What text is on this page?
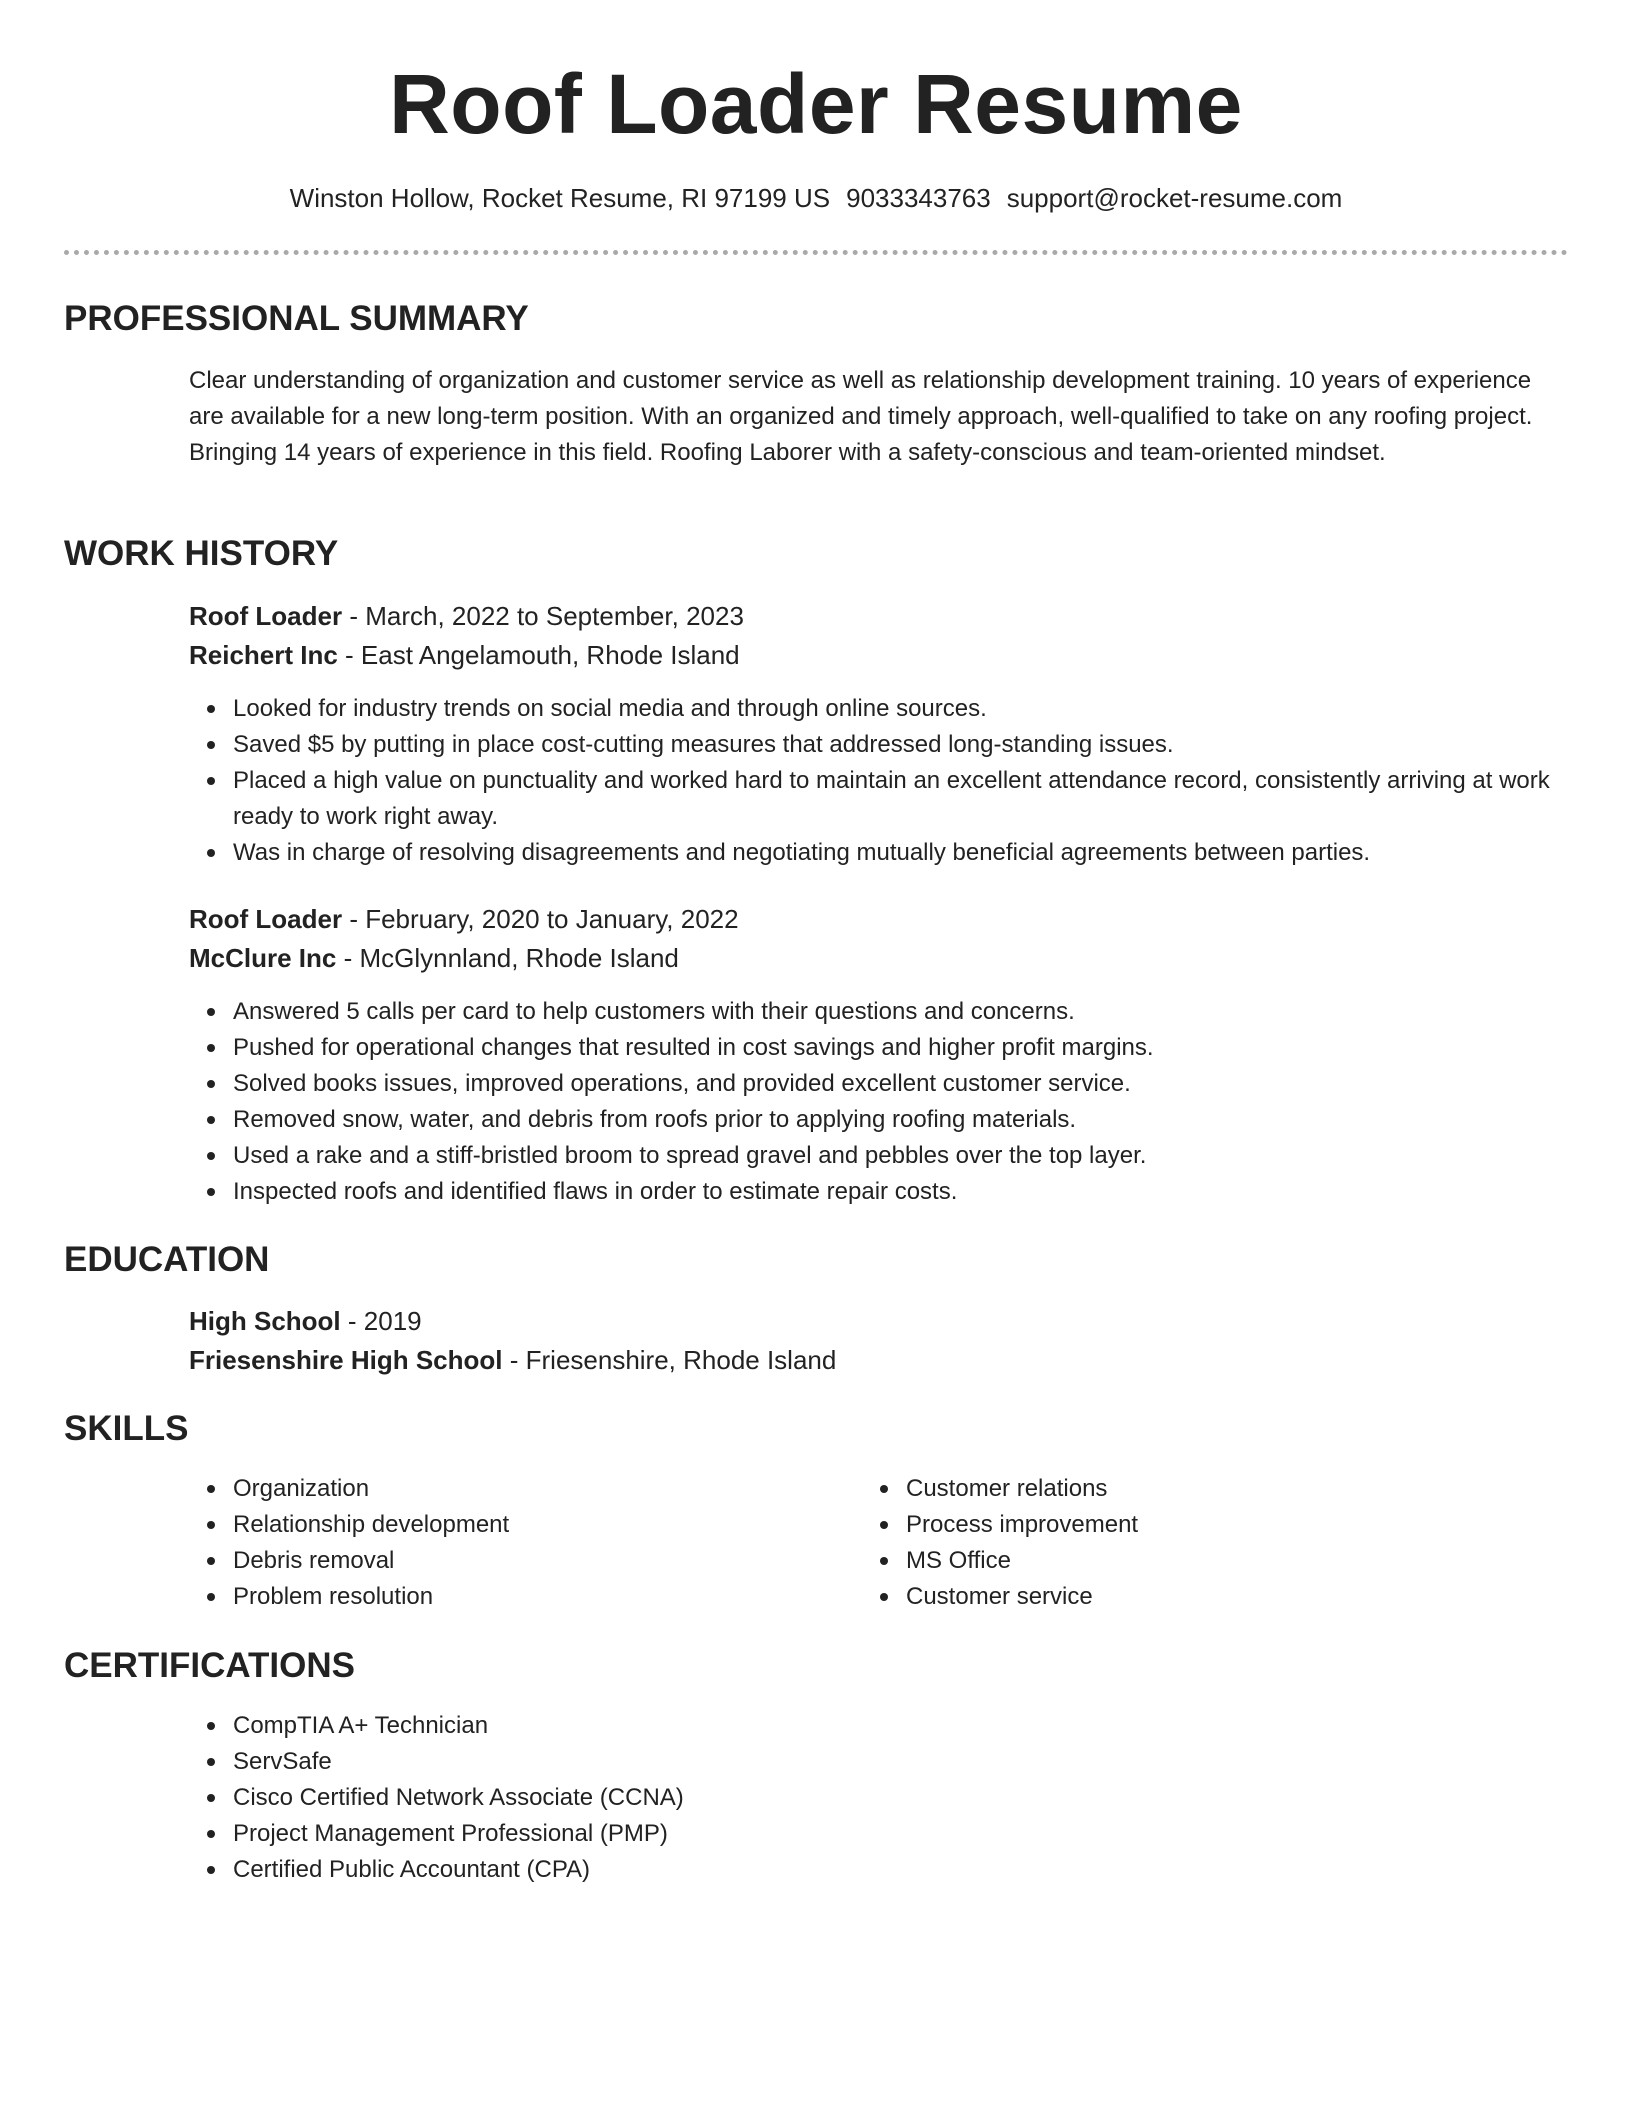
Roof Loader Resume
Winston Hollow, Rocket Resume, RI 97199 US 9033343763 support@rocket-resume.com
PROFESSIONAL SUMMARY

Clear understanding of organization and customer service as well as relationship development training. 10 years of experience are available for a new long-term position. With an organized and timely approach, well-qualified to take on any roofing project. Bringing 14 years of experience in this field. Roofing Laborer with a safety-conscious and team-oriented mindset.

WORK HISTORY
Roof Loader - March, 2022 to September, 2023
Reichert Inc - East Angelamouth, Rhode Island
Looked for industry trends on social media and through online sources.
Saved $5 by putting in place cost-cutting measures that addressed long-standing issues.
Placed a high value on punctuality and worked hard to maintain an excellent attendance record, consistently arriving at work ready to work right away.
Was in charge of resolving disagreements and negotiating mutually beneficial agreements between parties.
Roof Loader - February, 2020 to January, 2022
McClure Inc - McGlynnland, Rhode Island
Answered 5 calls per card to help customers with their questions and concerns.
Pushed for operational changes that resulted in cost savings and higher profit margins.
Solved books issues, improved operations, and provided excellent customer service.
Removed snow, water, and debris from roofs prior to applying roofing materials.
Used a rake and a stiff-bristled broom to spread gravel and pebbles over the top layer.
Inspected roofs and identified flaws in order to estimate repair costs.
EDUCATION
High School - 2019
Friesenshire High School - Friesenshire, Rhode Island
SKILLS
Organization
Relationship development
Debris removal
Problem resolution
Customer relations
Process improvement
MS Office
Customer service
CERTIFICATIONS
CompTIA A+ Technician
ServSafe
Cisco Certified Network Associate (CCNA)
Project Management Professional (PMP)
Certified Public Accountant (CPA)
